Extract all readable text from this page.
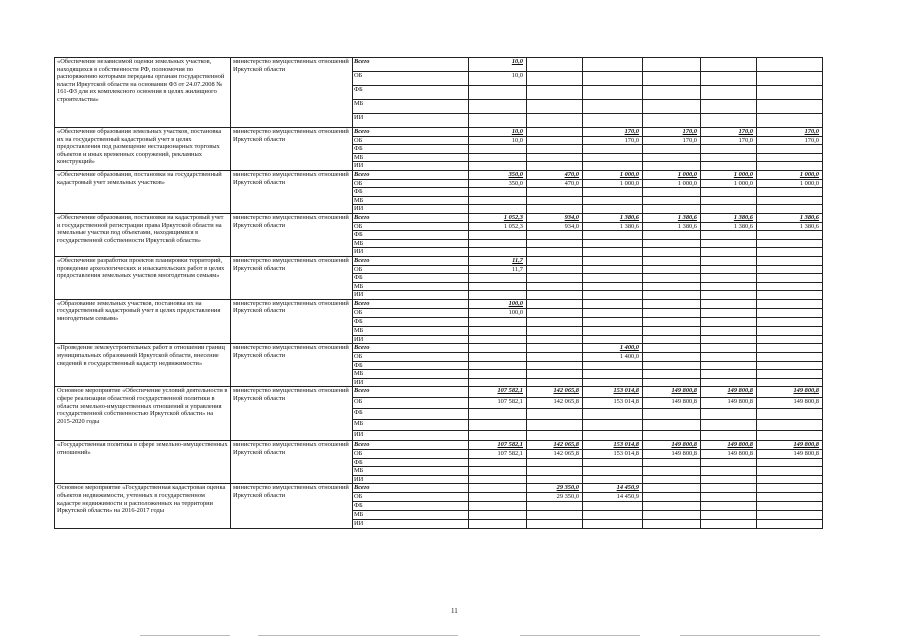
«Обеспечение независимой оценки земельных участков, находящихся в собственности РФ, полномочия по распоряжению которыми переданы органам государственной власти Иркутской области на основании ФЗ от 24.07.2008 № 161-ФЗ для их комплексного освоения в целях жилищного строительства»	министерство имущественных отношений Иркутской области	Всего	10,0					
		ОБ	10,0					
		ФБ						
		МБ						
		ИИ						
«Обеспечение образования земельных участков, постановка их на государственный кадастровый учет в целях предоставления под размещение нестационарных торговых объектов и иных временных сооружений, рекламных конструкций»	министерство имущественных отношений Иркутской области	Всего	10,0		170,0	170,0	170,0	170,0
		ОБ	10,0		170,0	170,0	170,0	170,0
		ФБ						
		МБ						
		ИИ						
«Обеспечение образования, постановки на государственный кадастровый учет земельных участков»	министерство имущественных отношений Иркутской области	Всего	350,0	470,0	1 000,0	1 000,0	1 000,0	1 000,0
		ОБ	350,0	470,0	1 000,0	1 000,0	1 000,0	1 000,0
		ФБ						
		МБ						
		ИИ						
«Обеспечение образования, постановки на кадастровый учет и государственной регистрации права Иркутской области на земельные участки под объектами, находящимися в государственной собственности Иркутской области»	министерство имущественных отношений Иркутской области	Всего	1 052,3	934,0	1 380,6	1 380,6	1 380,6	1 380,6
		ОБ	1 052,3	934,0	1 380,6	1 380,6	1 380,6	1 380,6
		ФБ						
		МБ						
		ИИ						
«Обеспечение разработки проектов планировки территорий, проведение археологических и изыскательских работ в целях предоставления земельных участков многодетным семьям»	министерство имущественных отношений Иркутской области	Всего	11,7					
		ОБ	11,7					
		ФБ						
		МБ						
		ИИ						
«Образование земельных участков, постановка их на государственный кадастровый учет в целях предоставления многодетным семьям»	министерство имущественных отношений Иркутской области	Всего	100,0					
		ОБ	100,0					
		ФБ						
		МБ						
		ИИ						
«Проведение землеустроительных работ в отношении границ муниципальных образований Иркутской области, внесение сведений в государственный кадастр недвижимости»	министерство имущественных отношений Иркутской области	Всего			1 400,0			
		ОБ			1 400,0			
		ФБ						
		МБ						
		ИИ						
Основное мероприятие «Обеспечение условий деятельности в сфере реализации областной государственной политики в области земельно-имущественных отношений и управления государственной собственностью Иркутской области» на 2015-2020 годы	министерство имущественных отношений Иркутской области	Всего	107 582,1	142 065,8	153 014,8	149 800,8	149 800,8	149 800,8
		ОБ	107 582,1	142 065,8	153 014,8	149 800,8	149 800,8	149 800,8
		ФБ						
		МБ						
		ИИ						
«Государственная политика в сфере земельно-имущественных отношений»	министерство имущественных отношений Иркутской области	Всего	107 582,1	142 065,8	153 014,8	149 800,8	149 800,8	149 800,8
		ОБ	107 582,1	142 065,8	153 014,8	149 800,8	149 800,8	149 800,8
		ФБ						
		МБ						
		ИИ						
Основное мероприятие «Государственная кадастровая оценка объектов недвижимости, учтенных в государственном кадастре недвижимости и расположенных на территории Иркутской области» на 2016-2017 годы	министерство имущественных отношений Иркутской области	Всего		29 350,0	14 450,9			
		ОБ		29 350,0	14 450,9			
		ФБ						
		МБ						
		ИИ						
11
